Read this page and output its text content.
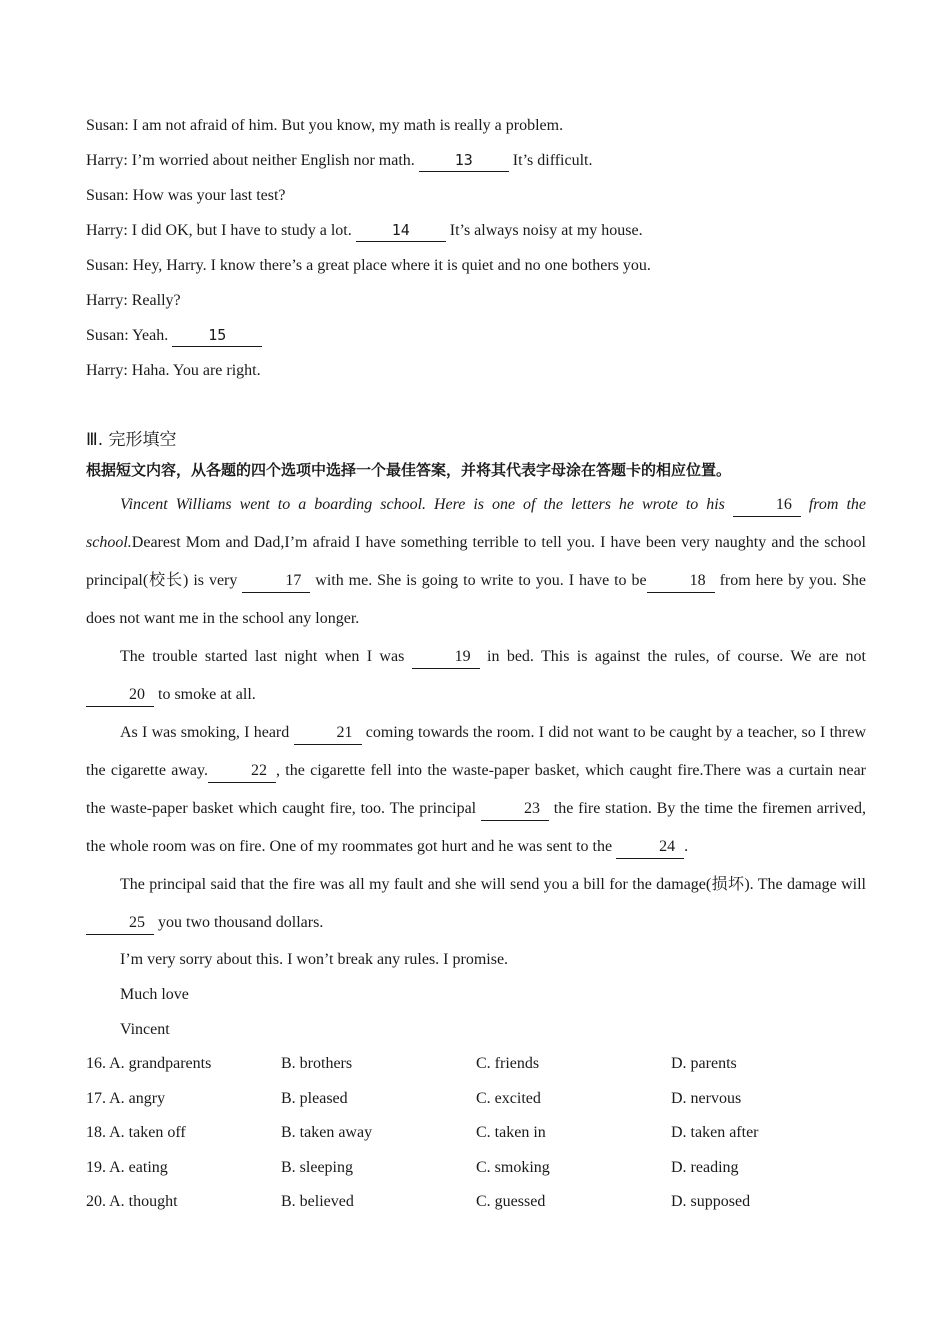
Susan: I am not afraid of him. But you know, my math is really a problem.
Harry: I’m worried about neither English nor math. 13 It’s difficult.
Susan: How was your last test?
Harry: I did OK, but I have to study a lot. 14 It’s always noisy at my house.
Susan: Hey, Harry. I know there’s a great place where it is quiet and no one bothers you.
Harry: Really?
Susan: Yeah. 15
Harry: Haha. You are right.
Ⅲ. 完形填空
根据短文内容，从各题的四个选项中选择一个最佳答案，并将其代表字母涂在答题卡的相应位置。
Vincent Williams went to a boarding school. Here is one of the letters he wrote to his	16 from the school.Dearest Mom and Dad,I’m afraid I have something terrible to tell you. I have been very naughty and the school principal(校长) is very	17 with me. She is going to write to you. I have to be	18 from here by you. She does not want me in the school any longer.
The trouble started last night when I was	19 in bed. This is against the rules, of course. We are not 20 to smoke at all.
As I was smoking, I heard	21 coming towards the room. I did not want to be caught by a teacher, so I threw the cigarette away.	22 , the cigarette fell into the waste-paper basket, which caught fire.There was a curtain near the waste-paper basket which caught fire, too. The principal	23 the fire station. By the time the firemen arrived, the whole room was on fire. One of my roommates got hurt and he was sent to the	24 .
The principal said that the fire was all my fault and she will send you a bill for the damage(损坏). The damage will 25 you two thousand dollars.
I’m very sorry about this. I won’t break any rules. I promise.
Much love
Vincent
16. A. grandparents	B. brothers	C. friends	D. parents
17. A. angry	B. pleased	C. excited	D. nervous
18. A. taken off	B. taken away	C. taken in	D. taken after
19. A. eating	B. sleeping	C. smoking	D. reading
20. A. thought	B. believed	C. guessed	D. supposed
